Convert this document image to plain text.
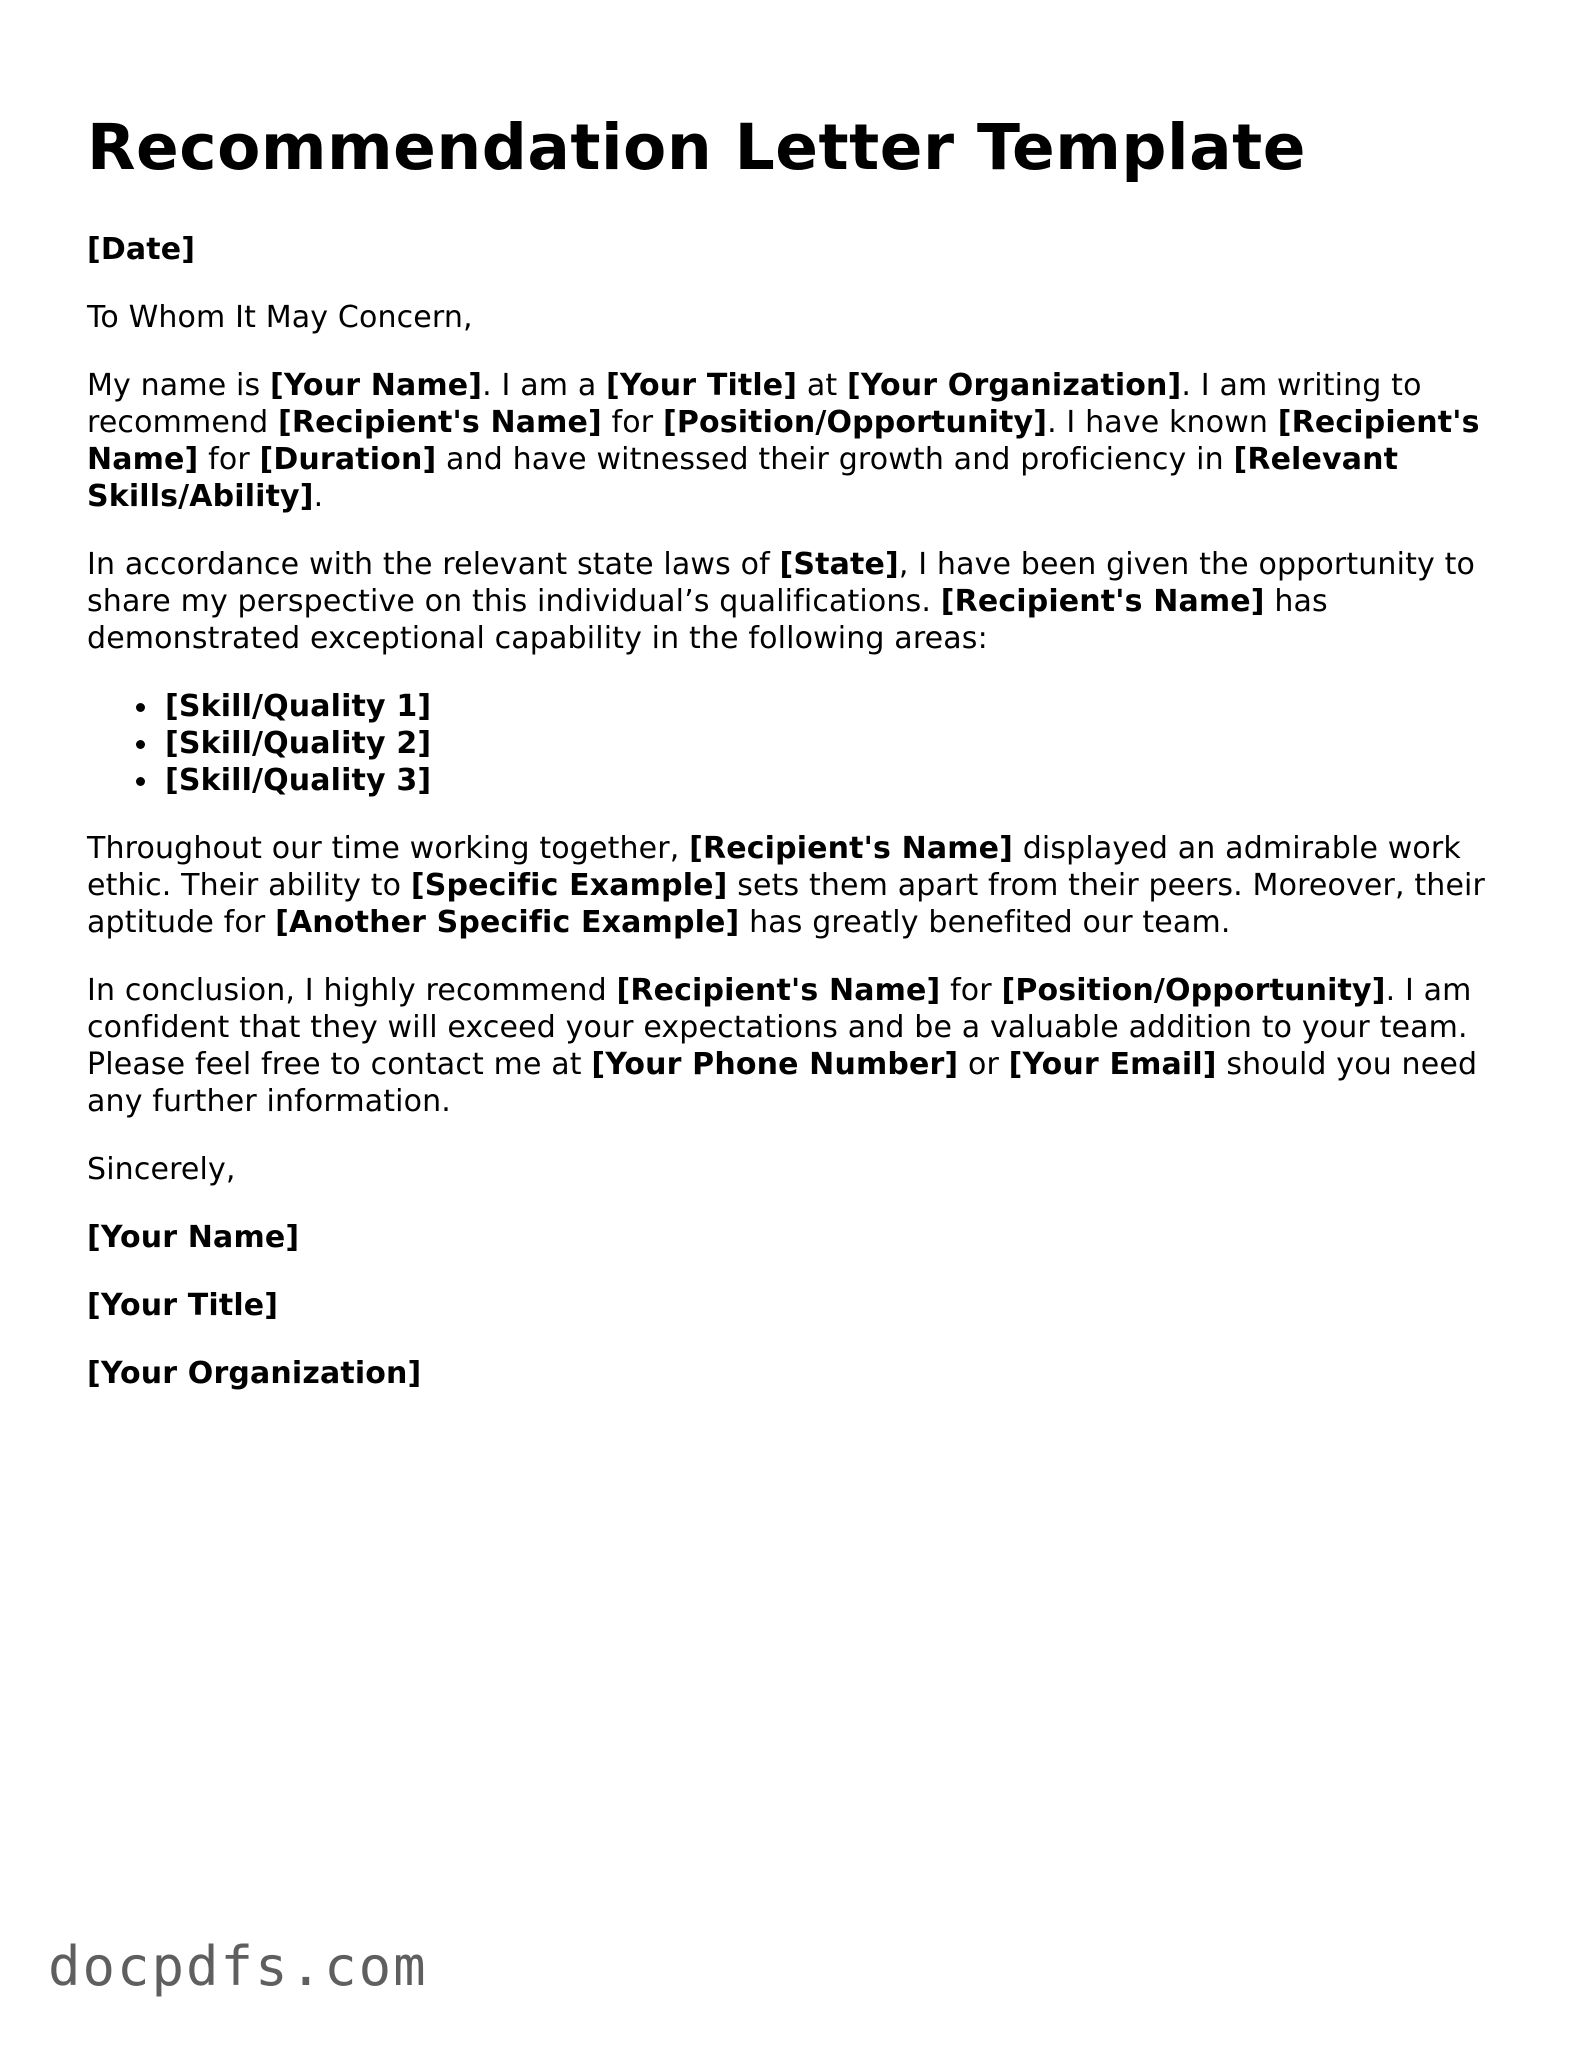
Recommendation Letter Template

[Date]

To Whom It May Concern,

My name is [Your Name]. I am a [Your Title] at [Your Organization]. I am writing to recommend [Recipient's Name] for [Position/Opportunity]. I have known [Recipient's Name] for [Duration] and have witnessed their growth and proficiency in [Relevant Skills/Ability].

In accordance with the relevant state laws of [State], I have been given the opportunity to share my perspective on this individual’s qualifications. [Recipient's Name] has demonstrated exceptional capability in the following areas:

[Skill/Quality 1]
[Skill/Quality 2]
[Skill/Quality 3]

Throughout our time working together, [Recipient's Name] displayed an admirable work ethic. Their ability to [Specific Example] sets them apart from their peers. Moreover, their aptitude for [Another Specific Example] has greatly benefited our team.

In conclusion, I highly recommend [Recipient's Name] for [Position/Opportunity]. I am confident that they will exceed your expectations and be a valuable addition to your team. Please feel free to contact me at [Your Phone Number] or [Your Email] should you need any further information.

Sincerely,

[Your Name]

[Your Title]

[Your Organization]

docpdfs.com
